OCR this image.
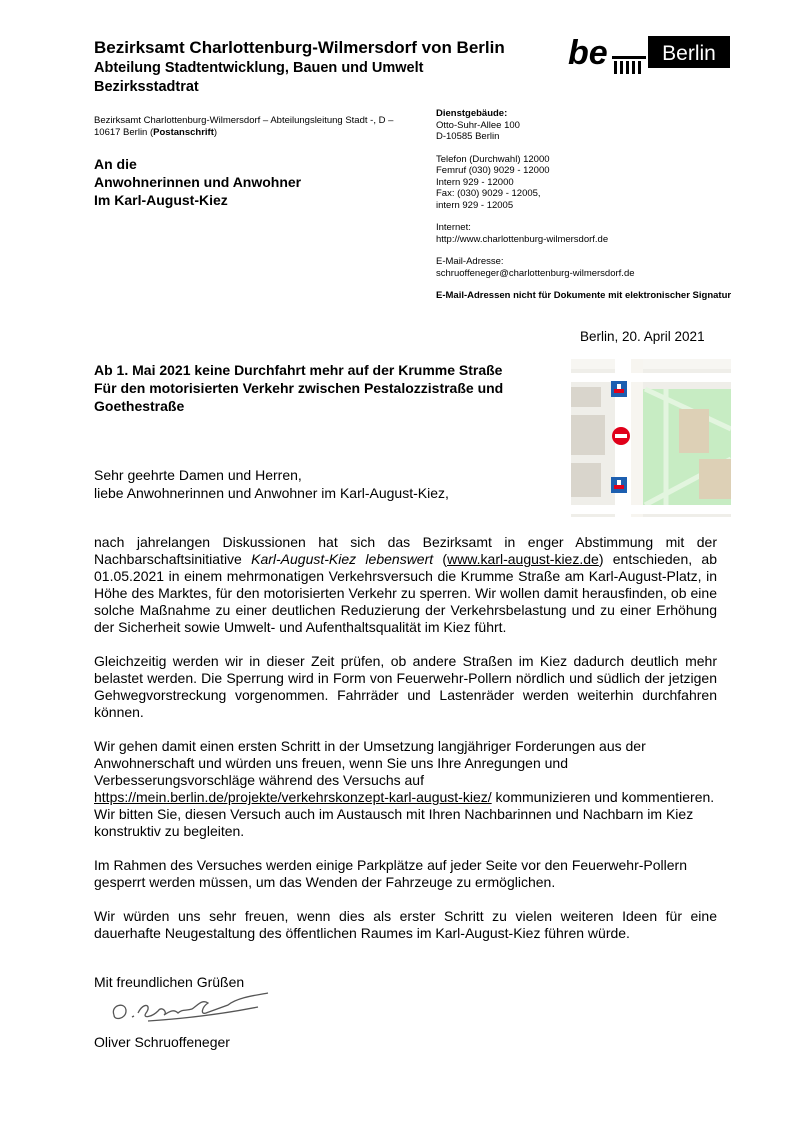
Bezirksamt Charlottenburg-Wilmersdorf von Berlin
Abteilung Stadtentwicklung, Bauen und Umwelt
Bezirksstadtrat
be	Berlin
Bezirksamt Charlottenburg-Wilmersdorf – Abteilungsleitung Stadt -, D – 10617 Berlin (Postanschrift)
An die
Anwohnerinnen und Anwohner
Im Karl-August-Kiez
Dienstgebäude:
Otto-Suhr-Allee 100
D-10585 Berlin
Telefon (Durchwahl) 12000
Femruf (030) 9029 - 12000
Intern 929 - 12000
Fax: (030) 9029 - 12005,
intern 929 - 12005
Internet:
http://www.charlottenburg-wilmersdorf.de
E-Mail-Adresse:
schruoffeneger@charlottenburg-wilmersdorf.de
E-Mail-Adressen nicht für Dokumente mit elektronischer Signatur
Berlin, 20. April 2021
Ab 1. Mai 2021 keine Durchfahrt mehr auf der Krumme Straße
Für den motorisierten Verkehr zwischen Pestalozzistraße und Goethestraße
Sehr geehrte Damen und Herren,
liebe Anwohnerinnen und Anwohner im Karl-August-Kiez,

nach jahrelangen Diskussionen hat sich das Bezirksamt in enger Abstimmung mit der Nachbarschaftsinitiative Karl-August-Kiez lebenswert (www.karl-august-kiez.de) entschieden, ab 01.05.2021 in einem mehrmonatigen Verkehrsversuch die Krumme Straße am Karl-August-Platz, in Höhe des Marktes, für den motorisierten Verkehr zu sperren. Wir wollen damit herausfinden, ob eine solche Maßnahme zu einer deutlichen Reduzierung der Verkehrsbelastung und zu einer Erhöhung der Sicherheit sowie Umwelt- und Aufenthaltsqualität im Kiez führt.

Gleichzeitig werden wir in dieser Zeit prüfen, ob andere Straßen im Kiez dadurch deutlich mehr belastet werden. Die Sperrung wird in Form von Feuerwehr-Pollern nördlich und südlich der jetzigen Gehwegvorstreckung vorgenommen. Fahrräder und Lastenräder werden weiterhin durchfahren können.

Wir gehen damit einen ersten Schritt in der Umsetzung langjähriger Forderungen aus der Anwohnerschaft und würden uns freuen, wenn Sie uns Ihre Anregungen und Verbesserungsvorschläge während des Versuchs auf
https://mein.berlin.de/projekte/verkehrskonzept-karl-august-kiez/ kommunizieren und kommentieren.
Wir bitten Sie, diesen Versuch auch im Austausch mit Ihren Nachbarinnen und Nachbarn im Kiez konstruktiv zu begleiten.

Im Rahmen des Versuches werden einige Parkplätze auf jeder Seite vor den Feuerwehr-Pollern gesperrt werden müssen, um das Wenden der Fahrzeuge zu ermöglichen.

Wir würden uns sehr freuen, wenn dies als erster Schritt zu vielen weiteren Ideen für eine dauerhafte Neugestaltung des öffentlichen Raumes im Karl-August-Kiez führen würde.

Mit freundlichen Grüßen
Oliver Schruoffeneger
